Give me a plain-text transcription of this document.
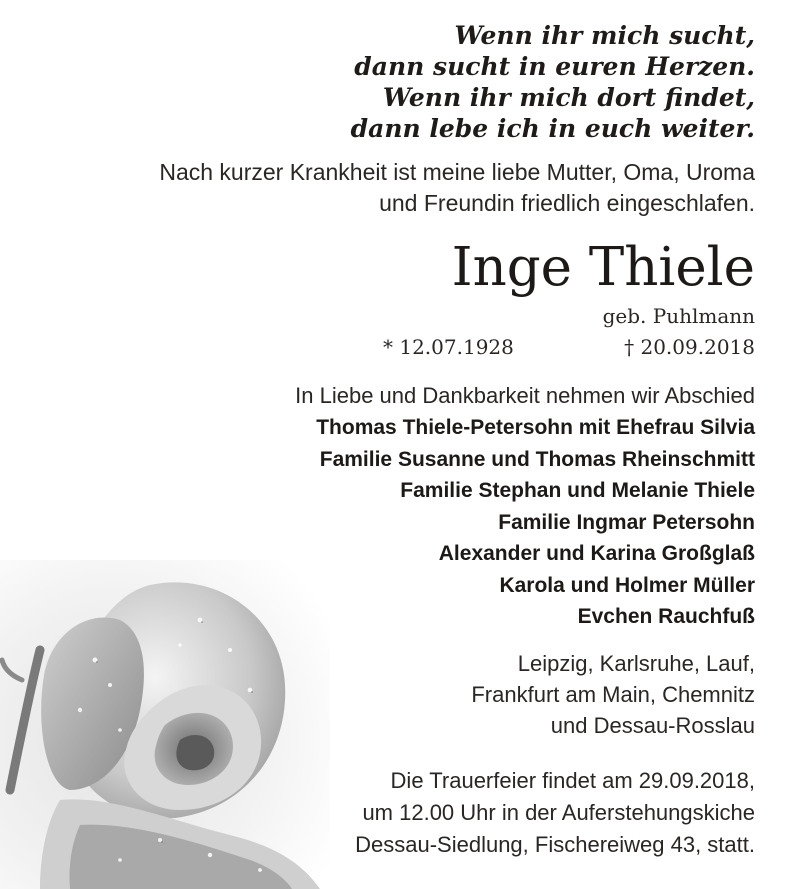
Wenn ihr mich sucht,
dann sucht in euren Herzen.
Wenn ihr mich dort findet,
dann lebe ich in euch weiter.
Nach kurzer Krankheit ist meine liebe Mutter, Oma, Uroma
und Freundin friedlich eingeschlafen.
Inge Thiele
geb. Puhlmann
* 12.07.1928	† 20.09.2018
In Liebe und Dankbarkeit nehmen wir Abschied
Thomas Thiele-Petersohn mit Ehefrau Silvia
Familie Susanne und Thomas Rheinschmitt
Familie Stephan und Melanie Thiele
Familie Ingmar Petersohn
Alexander und Karina Großglaß
Karola und Holmer Müller
Evchen Rauchfuß
Leipzig, Karlsruhe, Lauf,
Frankfurt am Main, Chemnitz
und Dessau-Rosslau
Die Trauerfeier findet am 29.09.2018,
um 12.00 Uhr in der Auferstehungskiche
Dessau-Siedlung, Fischereiweg 43, statt.
